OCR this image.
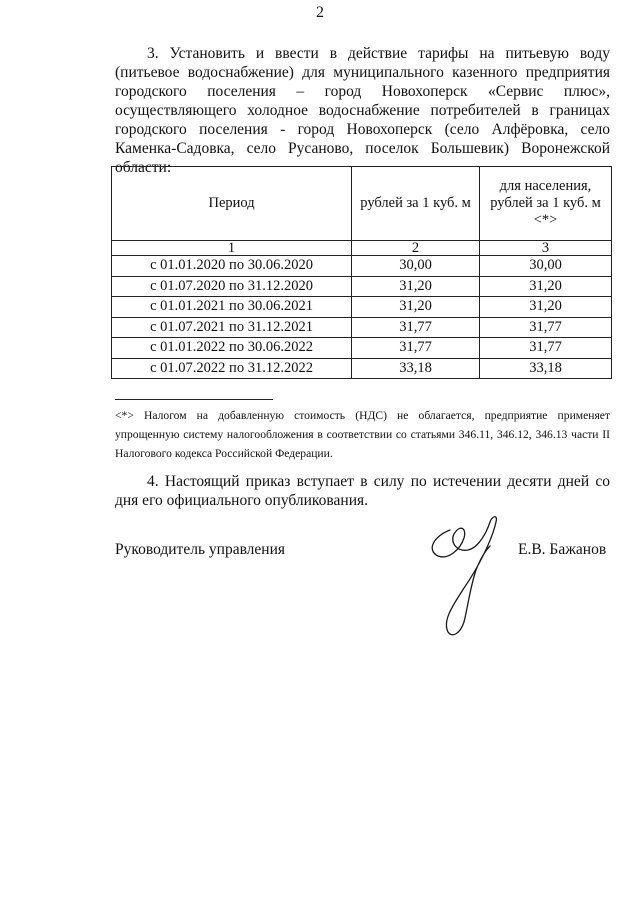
2
3. Установить и ввести в действие тарифы на питьевую воду (питьевое водоснабжение) для муниципального казенного предприятия городского поселения – город Новохоперск «Сервис плюс», осуществляющего холодное водоснабжение потребителей в границах городского поселения - город Новохоперск (село Алфёровка, село Каменка-Садовка, село Русаново, поселок Большевик) Воронежской области:
Период	рублей за 1 куб. м	для населения, рублей за 1 куб. м <*>
1	2	3
с 01.01.2020 по 30.06.2020	30,00	30,00
с 01.07.2020 по 31.12.2020	31,20	31,20
с 01.01.2021 по 30.06.2021	31,20	31,20
с 01.07.2021 по 31.12.2021	31,77	31,77
с 01.01.2022 по 30.06.2022	31,77	31,77
с 01.07.2022 по 31.12.2022	33,18	33,18
<*> Налогом на добавленную стоимость (НДС) не облагается, предприятие применяет упрощенную систему налогообложения в соответствии со статьями 346.11, 346.12, 346.13 части II Налогового кодекса Российской Федерации.
4. Настоящий приказ вступает в силу по истечении десяти дней со дня его официального опубликования.
Руководитель управления	Е.В. Бажанов
